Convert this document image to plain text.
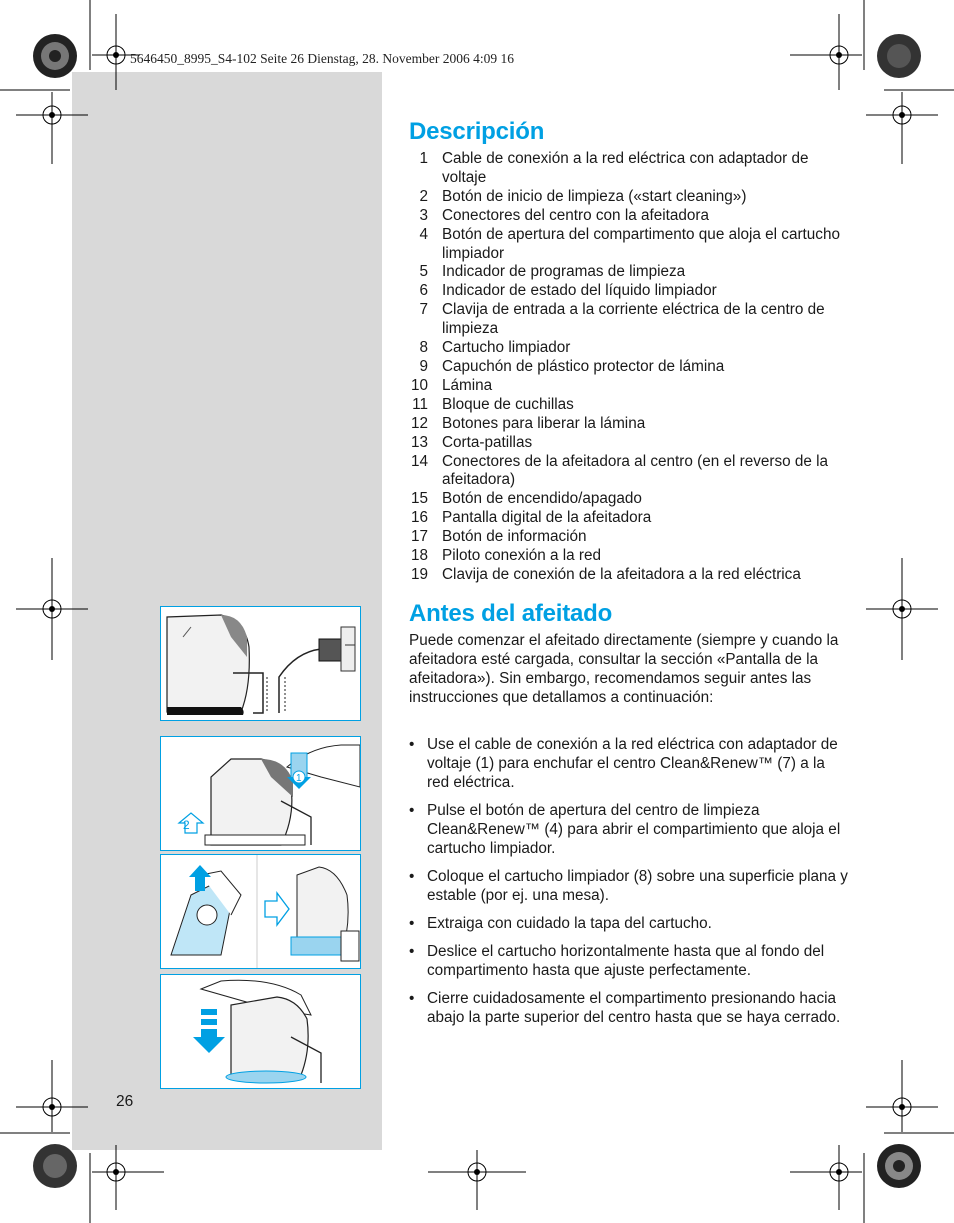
5646450_8995_S4-102 Seite 26 Dienstag, 28. November 2006 4:09 16
Descripción
1 Cable de conexión a la red eléctrica con adaptador de voltaje
2 Botón de inicio de limpieza («start cleaning»)
3 Conectores del centro con la afeitadora
4 Botón de apertura del compartimento que aloja el cartucho limpiador
5 Indicador de programas de limpieza
6 Indicador de estado del líquido limpiador
7 Clavija de entrada a la corriente eléctrica de la centro de limpieza
8 Cartucho limpiador
9 Capuchón de plástico protector de lámina
10 Lámina
11 Bloque de cuchillas
12 Botones para liberar la lámina
13 Corta-patillas
14 Conectores de la afeitadora al centro (en el reverso de la afeitadora)
15 Botón de encendido/apagado
16 Pantalla digital de la afeitadora
17 Botón de información
18 Piloto conexión a la red
19 Clavija de conexión de la afeitadora a la red eléctrica
Antes del afeitado

Puede comenzar el afeitado directamente (siempre y cuando la afeitadora esté cargada, consultar la sección «Pantalla de la afeitadora»). Sin embargo, recomendamos seguir antes las instrucciones que detallamos a continuación:

• Use el cable de conexión a la red eléctrica con adaptador de voltaje (1) para enchufar el centro Clean&Renew™ (7) a la red eléctrica.
• Pulse el botón de apertura del centro de limpieza Clean&Renew™ (4) para abrir el compartimiento que aloja el cartucho limpiador.
• Coloque el cartucho limpiador (8) sobre una superficie plana y estable (por ej. una mesa).
• Extraiga con cuidado la tapa del cartucho.
• Deslice el cartucho horizontalmente hasta que al fondo del compartimento hasta que ajuste perfectamente.
• Cierre cuidadosamente el compartimento presionando hacia abajo la parte superior del centro hasta que se haya cerrado.
1
2
26
